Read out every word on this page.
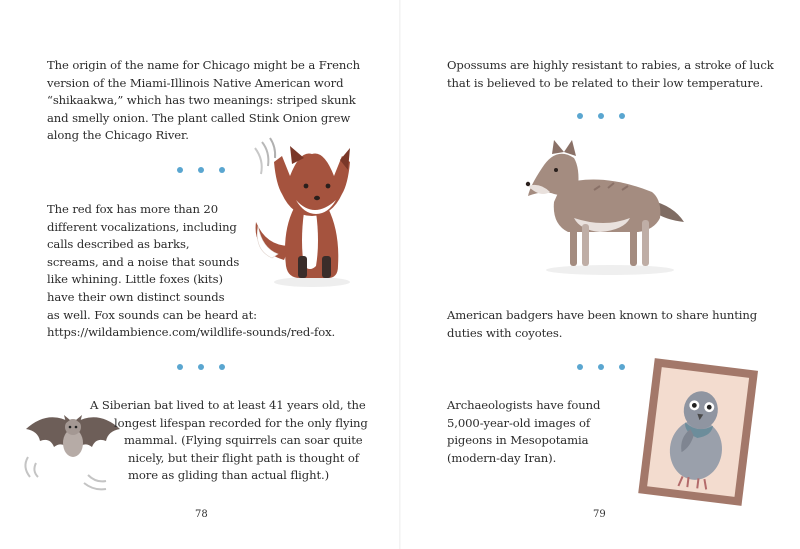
The origin of the name for Chicago might be a French
version of the Miami-Illinois Native American word
“shikaakwa,” which has two meanings: striped skunk
and smelly onion. The plant called Stink Onion grew
along the Chicago River.
The red fox has more than 20
different vocalizations, including
calls described as barks,
screams, and a noise that sounds
like whining. Little foxes (kits)
have their own distinct sounds
as well. Fox sounds can be heard at:
https://wildambience.com/wildlife-sounds/red-fox.
A Siberian bat lived to at least 41 years old, the
longest lifespan recorded for the only flying
mammal. (Flying squirrels can soar quite
nicely, but their flight path is thought of
more as gliding than actual flight.)
78
Opossums are highly resistant to rabies, a stroke of luck
that is believed to be related to their low temperature.
American badgers have been known to share hunting
duties with coyotes.
Archaeologists have found
5,000-year-old images of
pigeons in Mesopotamia
(modern-day Iran).
79
